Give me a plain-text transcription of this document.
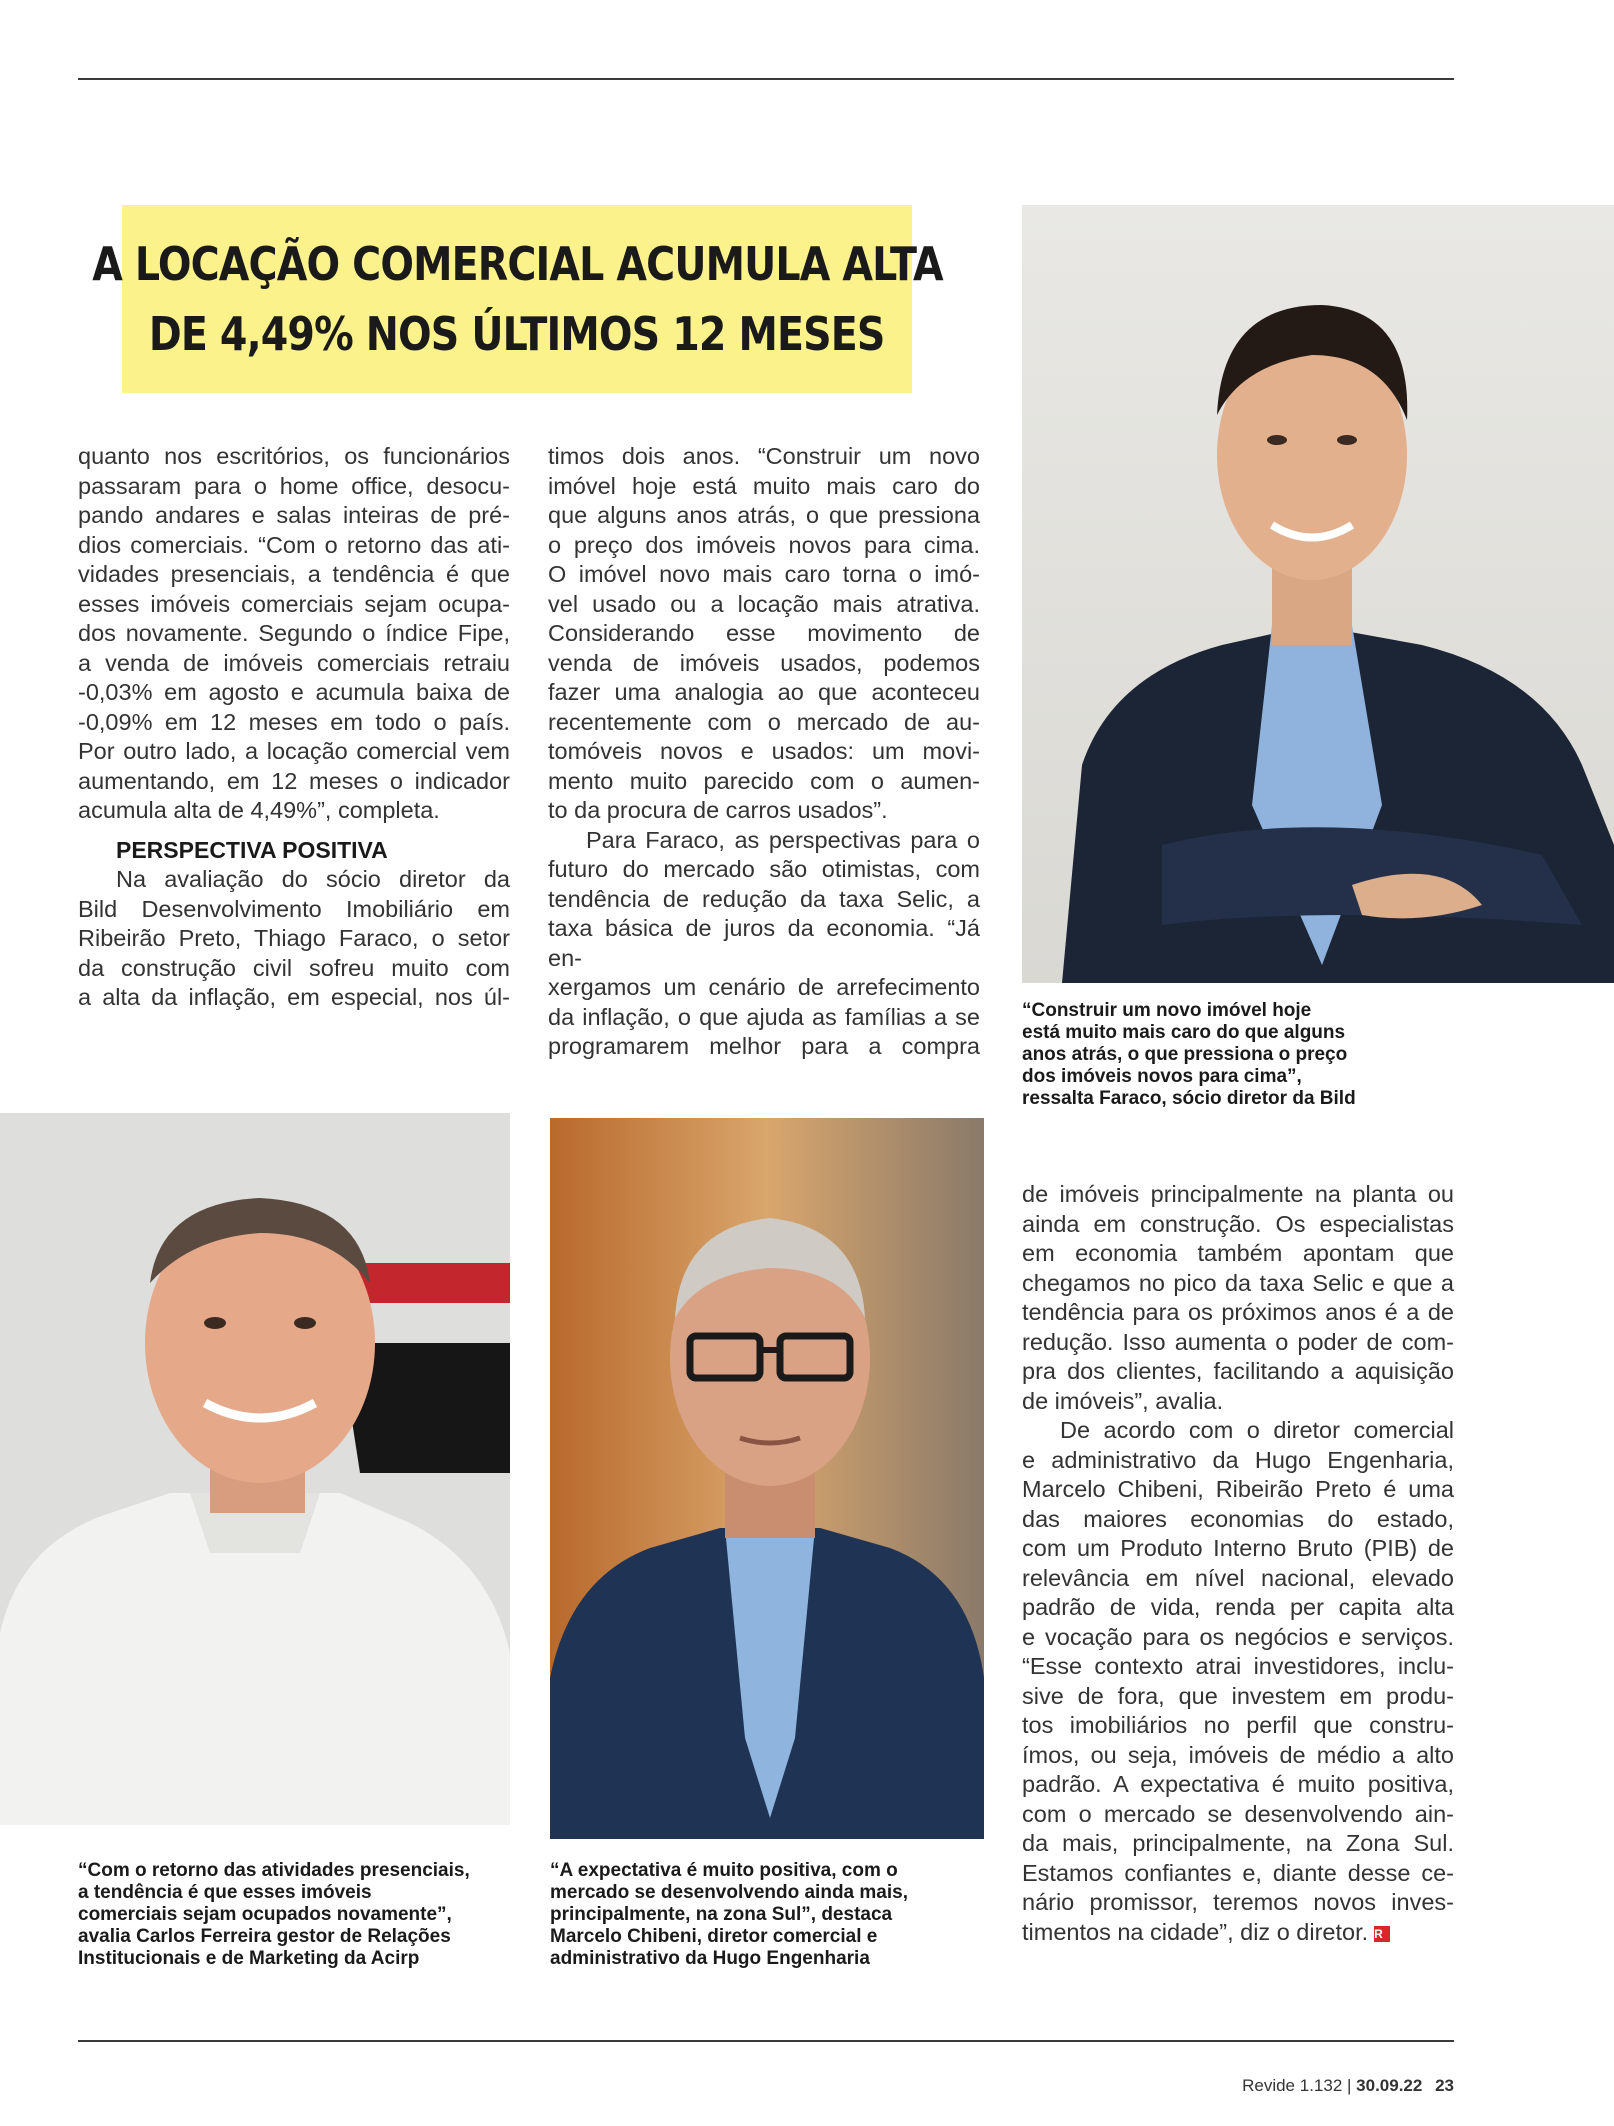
A LOCAÇÃO COMERCIAL ACUMULA ALTA
DE 4,49% NOS ÚLTIMOS 12 MESES

quanto nos escritórios, os funcionários

passaram para o home office, desocu-

pando andares e salas inteiras de pré-

dios comerciais. “Com o retorno das ati-

vidades presenciais, a tendência é que

esses imóveis comerciais sejam ocupa-

dos novamente. Segundo o índice Fipe,

a venda de imóveis comerciais retraiu

-0,03% em agosto e acumula baixa de

-0,09% em 12 meses em todo o país.

Por outro lado, a locação comercial vem

aumentando, em 12 meses o indicador

acumula alta de 4,49%”, completa.

PERSPECTIVA POSITIVA

Na avaliação do sócio diretor da

Bild Desenvolvimento Imobiliário em

Ribeirão Preto, Thiago Faraco, o setor

da construção civil sofreu muito com

a alta da inflação, em especial, nos úl-

timos dois anos. “Construir um novo

imóvel hoje está muito mais caro do

que alguns anos atrás, o que pressiona

o preço dos imóveis novos para cima.

O imóvel novo mais caro torna o imó-

vel usado ou a locação mais atrativa.

Considerando esse movimento de

venda de imóveis usados, podemos

fazer uma analogia ao que aconteceu

recentemente com o mercado de au-

tomóveis novos e usados: um movi-

mento muito parecido com o aumen-

to da procura de carros usados”.

Para Faraco, as perspectivas para o

futuro do mercado são otimistas, com

tendência de redução da taxa Selic, a

taxa básica de juros da economia. “Já en-

xergamos um cenário de arrefecimento

da inflação, o que ajuda as famílias a se

programarem melhor para a compra

“Construir um novo imóvel hoje
está muito mais caro do que alguns
anos atrás, o que pressiona o preço
dos imóveis novos para cima”,
ressalta Faraco, sócio diretor da Bild
“Com o retorno das atividades presenciais,
a tendência é que esses imóveis
comerciais sejam ocupados novamente”,
avalia Carlos Ferreira gestor de Relações
Institucionais e de Marketing da Acirp
“A expectativa é muito positiva, com o
mercado se desenvolvendo ainda mais,
principalmente, na zona Sul”, destaca
Marcelo Chibeni, diretor comercial e
administrativo da Hugo Engenharia

de imóveis principalmente na planta ou

ainda em construção. Os especialistas

em economia também apontam que

chegamos no pico da taxa Selic e que a

tendência para os próximos anos é a de

redução. Isso aumenta o poder de com-

pra dos clientes, facilitando a aquisição

de imóveis”, avalia.

De acordo com o diretor comercial

e administrativo da Hugo Engenharia,

Marcelo Chibeni, Ribeirão Preto é uma

das maiores economias do estado,

com um Produto Interno Bruto (PIB) de

relevância em nível nacional, elevado

padrão de vida, renda per capita alta

e vocação para os negócios e serviços.

“Esse contexto atrai investidores, inclu-

sive de fora, que investem em produ-

tos imobiliários no perfil que constru-

ímos, ou seja, imóveis de médio a alto

padrão. A expectativa é muito positiva,

com o mercado se desenvolvendo ain-

da mais, principalmente, na Zona Sul.

Estamos confiantes e, diante desse ce-

nário promissor, teremos novos inves-

timentos na cidade”, diz o diretor. R

Revide 1.132 | 30.09.22 23
